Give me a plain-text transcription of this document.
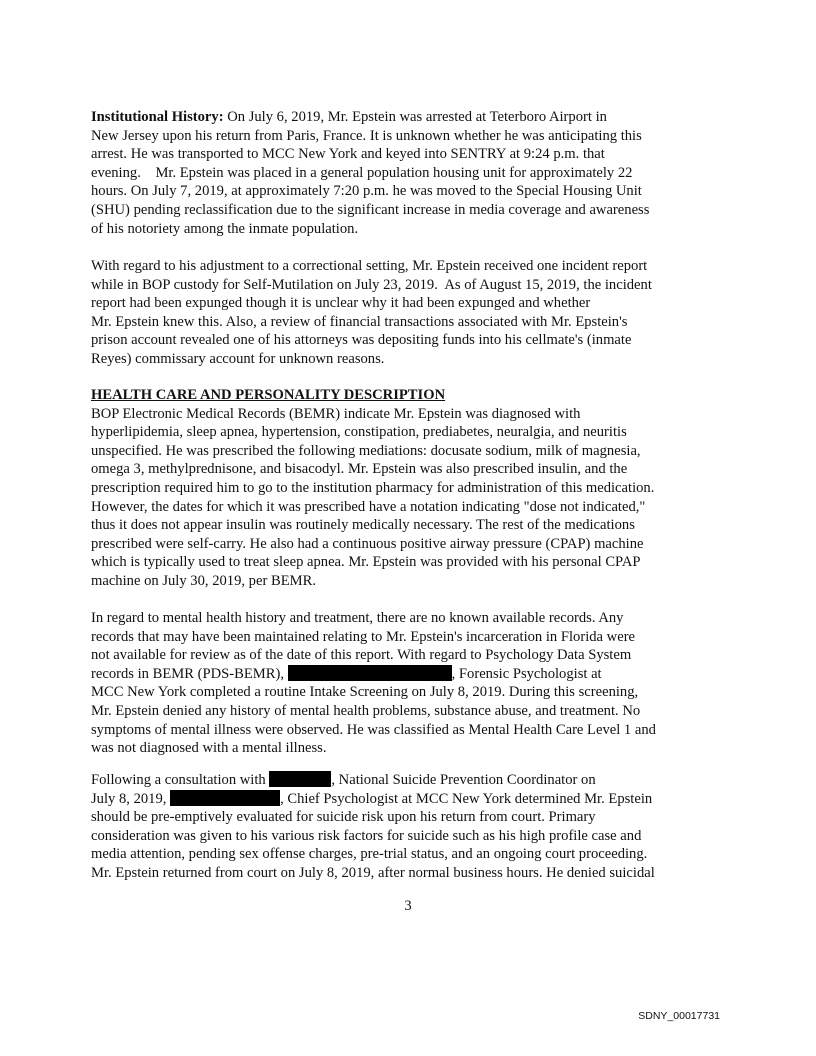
Institutional History: On July 6, 2019, Mr. Epstein was arrested at Teterboro Airport in
New Jersey upon his return from Paris, France. It is unknown whether he was anticipating this
arrest. He was transported to MCC New York and keyed into SENTRY at 9:24 p.m. that
evening.    Mr. Epstein was placed in a general population housing unit for approximately 22
hours. On July 7, 2019, at approximately 7:20 p.m. he was moved to the Special Housing Unit
(SHU) pending reclassification due to the significant increase in media coverage and awareness
of his notoriety among the inmate population.
With regard to his adjustment to a correctional setting, Mr. Epstein received one incident report
while in BOP custody for Self-Mutilation on July 23, 2019.  As of August 15, 2019, the incident
report had been expunged though it is unclear why it had been expunged and whether
Mr. Epstein knew this. Also, a review of financial transactions associated with Mr. Epstein's
prison account revealed one of his attorneys was depositing funds into his cellmate's (inmate
Reyes) commissary account for unknown reasons.
HEALTH CARE AND PERSONALITY DESCRIPTION
BOP Electronic Medical Records (BEMR) indicate Mr. Epstein was diagnosed with
hyperlipidemia, sleep apnea, hypertension, constipation, prediabetes, neuralgia, and neuritis
unspecified. He was prescribed the following mediations: docusate sodium, milk of magnesia,
omega 3, methylprednisone, and bisacodyl. Mr. Epstein was also prescribed insulin, and the
prescription required him to go to the institution pharmacy for administration of this medication.
However, the dates for which it was prescribed have a notation indicating "dose not indicated,"
thus it does not appear insulin was routinely medically necessary. The rest of the medications
prescribed were self-carry. He also had a continuous positive airway pressure (CPAP) machine
which is typically used to treat sleep apnea. Mr. Epstein was provided with his personal CPAP
machine on July 30, 2019, per BEMR.
In regard to mental health history and treatment, there are no known available records. Any
records that may have been maintained relating to Mr. Epstein's incarceration in Florida were
not available for review as of the date of this report. With regard to Psychology Data System
records in BEMR (PDS-BEMR),	, Forensic Psychologist at
MCC New York completed a routine Intake Screening on July 8, 2019. During this screening,
Mr. Epstein denied any history of mental health problems, substance abuse, and treatment. No
symptoms of mental illness were observed. He was classified as Mental Health Care Level 1 and
was not diagnosed with a mental illness.
Following a consultation with	, National Suicide Prevention Coordinator on
July 8, 2019,	, Chief Psychologist at MCC New York determined Mr. Epstein
should be pre-emptively evaluated for suicide risk upon his return from court. Primary
consideration was given to his various risk factors for suicide such as his high profile case and
media attention, pending sex offense charges, pre-trial status, and an ongoing court proceeding.
Mr. Epstein returned from court on July 8, 2019, after normal business hours. He denied suicidal
3
SDNY_00017731
